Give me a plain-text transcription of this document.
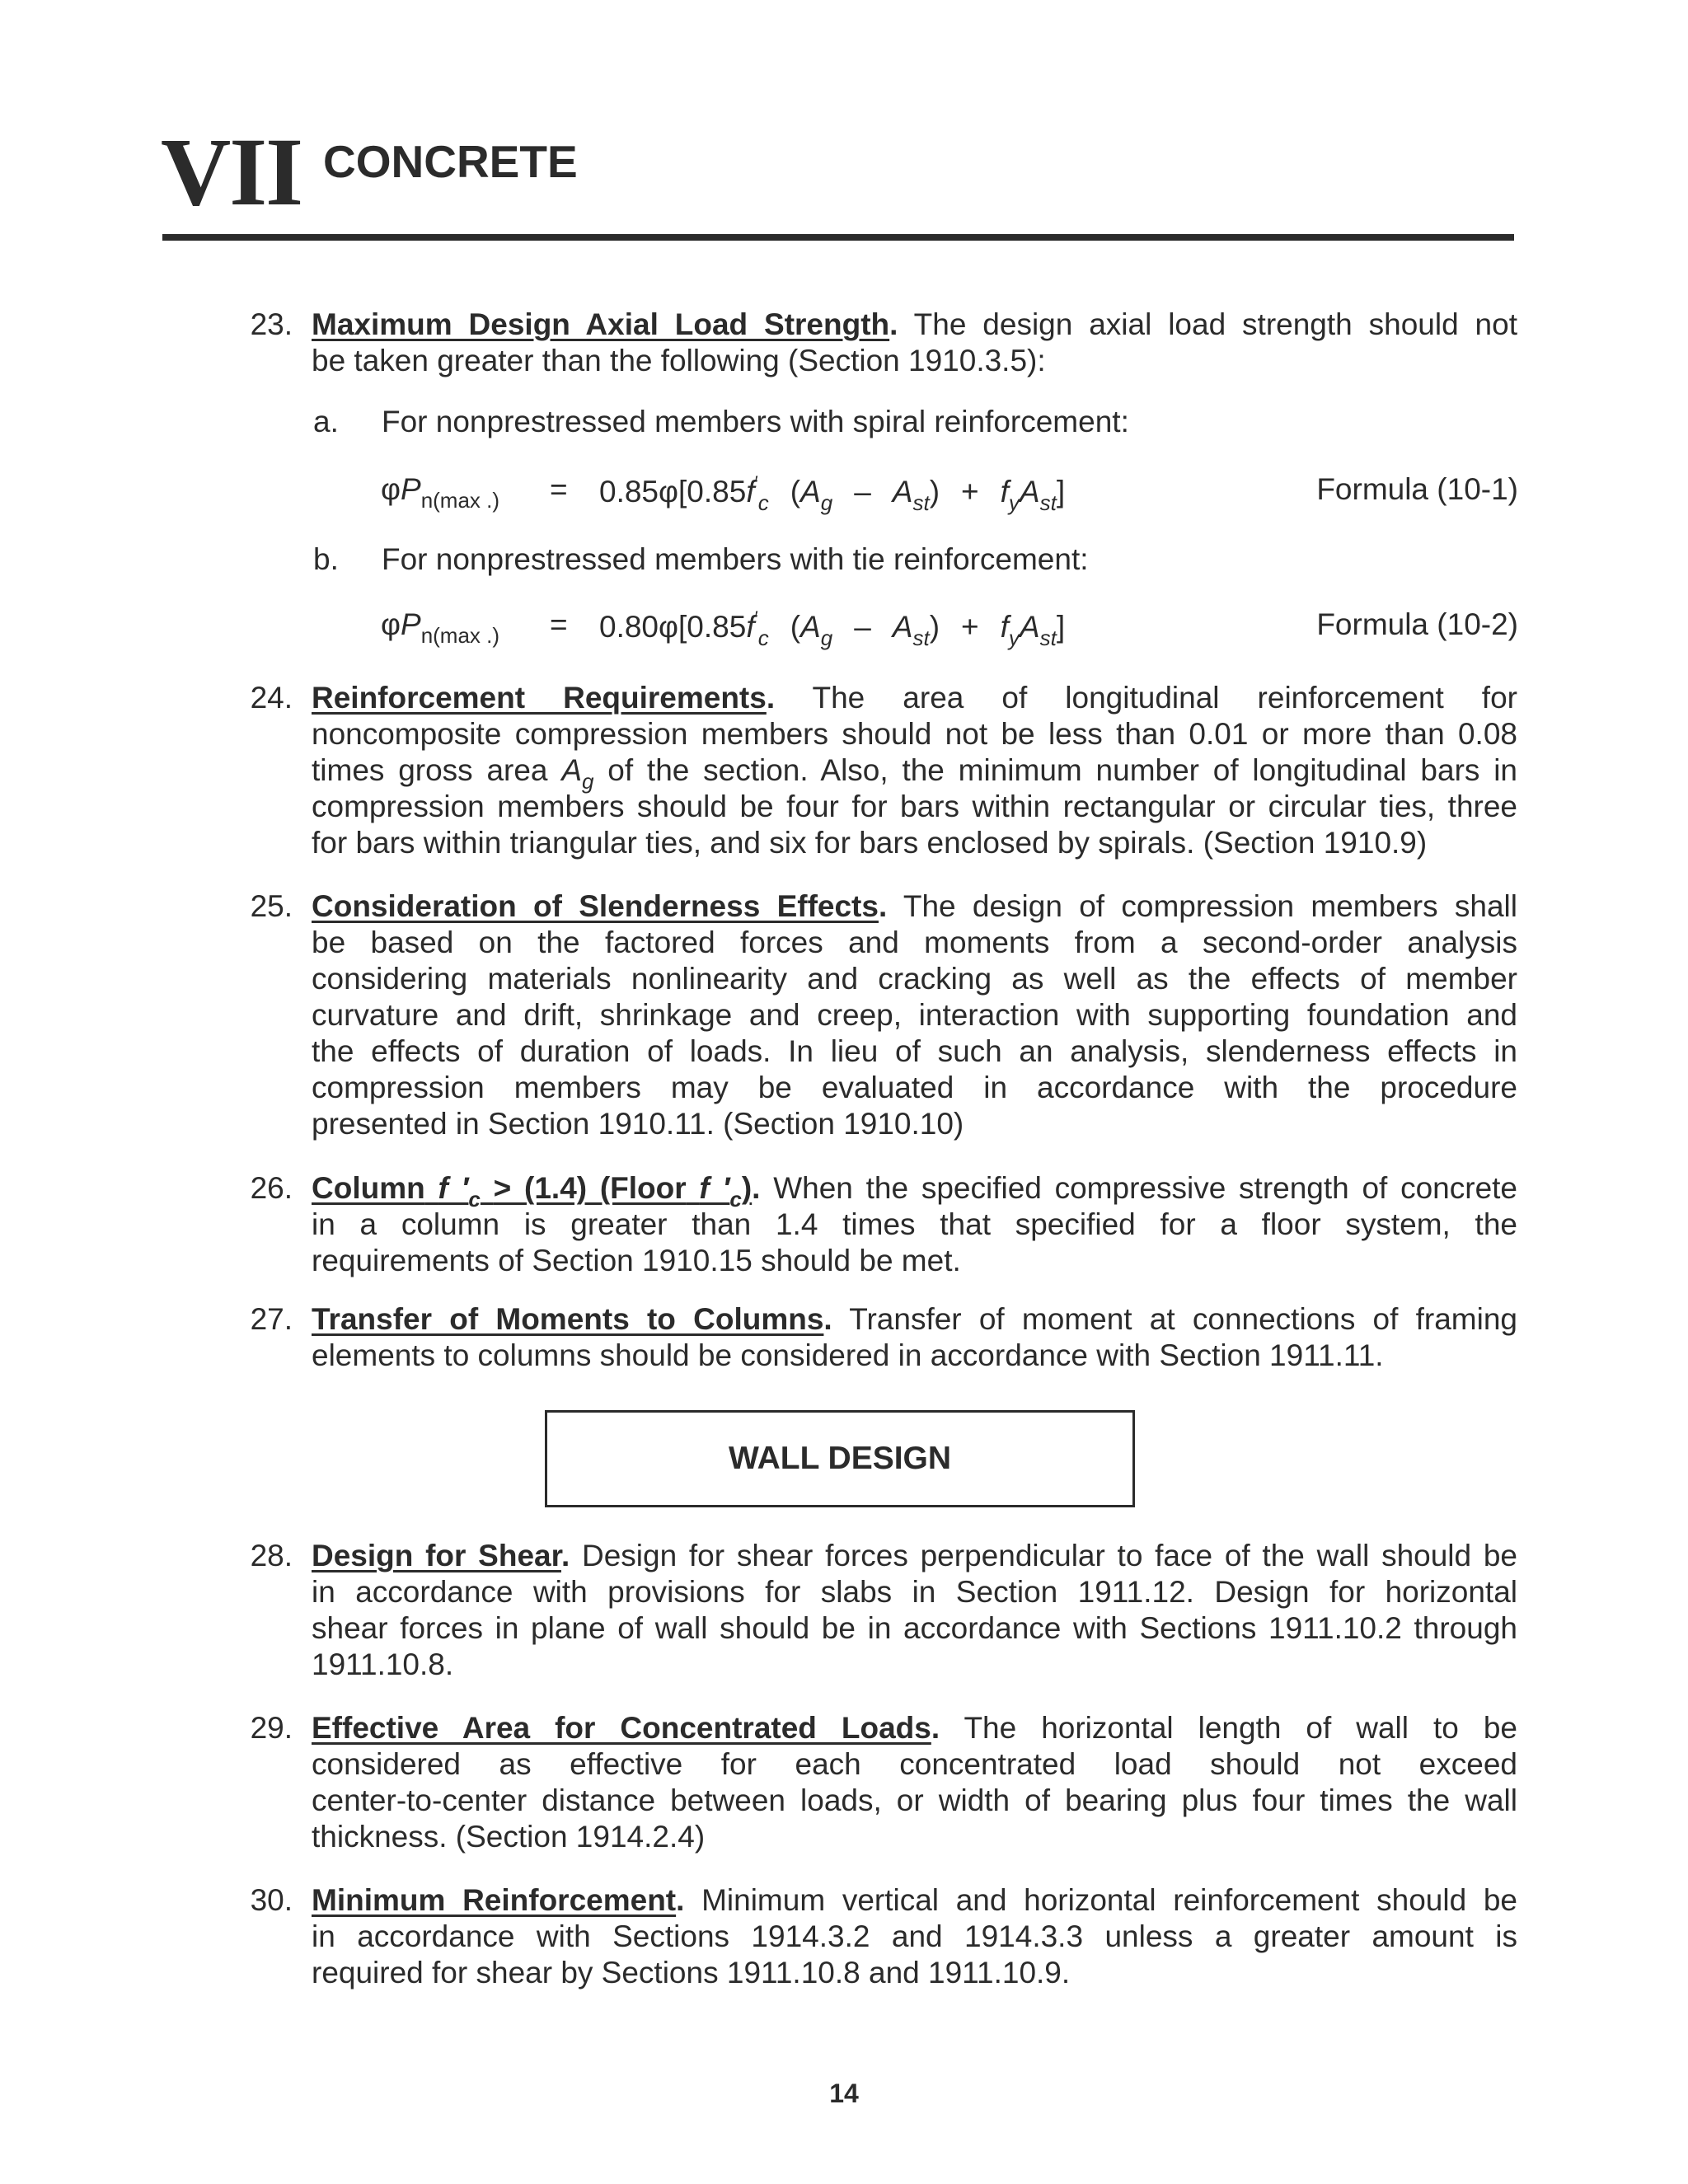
VII CONCRETE
23. Maximum Design Axial Load Strength. The design axial load strength should not
be taken greater than the following (Section 1910.3.5):
a. For nonprestressed members with spiral reinforcement:
$\varphi P_{n(max .)} = 0.85\varphi[0.85f'_c$ $(A_g - A_{st}) + f_yA_{st}$]	Formula (10-1)
b. For nonprestressed members with tie reinforcement:
$\varphi P_{n(max .)} = 0.80\varphi[0.85f'_c$ $(A_g - A_{st}) + f_yA_{st}$]	Formula (10-2)
24. Reinforcement Requirements. The area of longitudinal reinforcement for
noncomposite compression members should not be less than 0.01 or more than 0.08
times gross area $A_g$ of the section. Also, the minimum number of longitudinal bars in
compression members should be four for bars within rectangular or circular ties, three
for bars within triangular ties, and six for bars enclosed by spirals. (Section 1910.9)
25. Consideration of Slenderness Effects. The design of compression members shall
be based on the factored forces and moments from a second-order analysis
considering materials nonlinearity and cracking as well as the effects of member
curvature and drift, shrinkage and creep, interaction with supporting foundation and
the effects of duration of loads. In lieu of such an analysis, slenderness effects in
compression members may be evaluated in accordance with the procedure
presented in Section 1910.11. (Section 1910.10)
26. Column f $'_c > (1.4)$ (Floor f $'_c$). When the specified compressive strength of concrete
in a column is greater than 1.4 times that specified for a floor system, the
requirements of Section 1910.15 should be met.
27. Transfer of Moments to Columns. Transfer of moment at connections of framing
elements to columns should be considered in accordance with Section 1911.11.
WALL DESIGN
28. Design for Shear. Design for shear forces perpendicular to face of the wall should be
in accordance with provisions for slabs in Section 1911.12. Design for horizontal
shear forces in plane of wall should be in accordance with Sections 1911.10.2 through
1911.10.8.
29. Effective Area for Concentrated Loads. The horizontal length of wall to be
considered as effective for each concentrated load should not exceed
center-to-center distance between loads, or width of bearing plus four times the wall
thickness. (Section 1914.2.4)
30. Minimum Reinforcement. Minimum vertical and horizontal reinforcement should be
in accordance with Sections 1914.3.2 and 1914.3.3 unless a greater amount is
required for shear by Sections 1911.10.8 and 1911.10.9.
14
